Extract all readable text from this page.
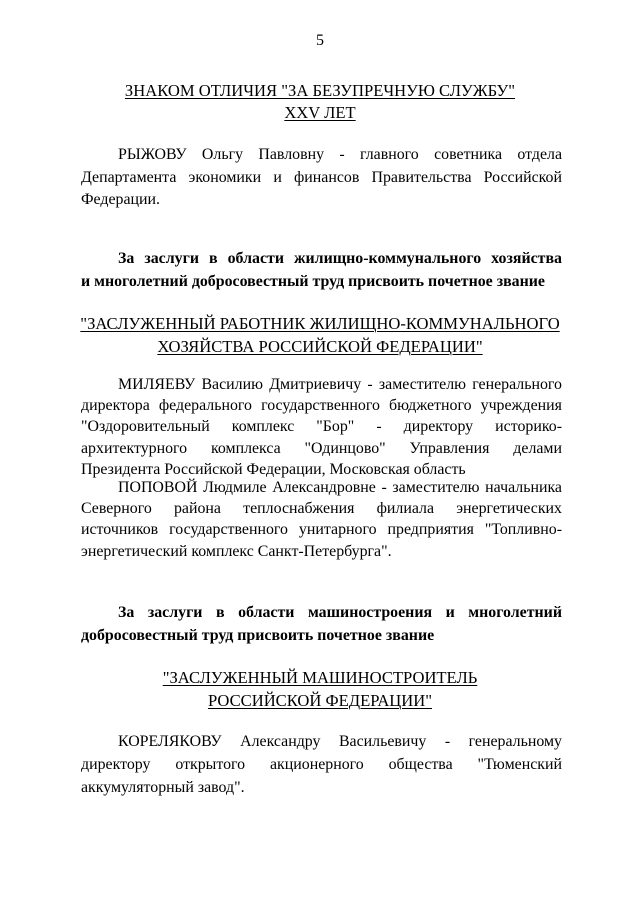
5
ЗНАКОМ ОТЛИЧИЯ "ЗА БЕЗУПРЕЧНУЮ СЛУЖБУ"
XXV ЛЕТ
РЫЖОВУ Ольгу Павловну - главного советника отдела
Департамента экономики и финансов Правительства Российской
Федерации.
За заслуги в области жилищно-коммунального хозяйства
и многолетний добросовестный труд присвоить почетное звание
"ЗАСЛУЖЕННЫЙ РАБОТНИК ЖИЛИЩНО-КОММУНАЛЬНОГО
ХОЗЯЙСТВА РОССИЙСКОЙ ФЕДЕРАЦИИ"
МИЛЯЕВУ Василию Дмитриевичу - заместителю генерального
директора федерального государственного бюджетного учреждения
"Оздоровительный комплекс "Бор" - директору историко-
архитектурного комплекса "Одинцово" Управления делами
Президента Российской Федерации, Московская область
ПОПОВОЙ Людмиле Александровне - заместителю начальника
Северного района теплоснабжения филиала энергетических
источников государственного унитарного предприятия "Топливно-
энергетический комплекс Санкт-Петербурга".
За заслуги в области машиностроения и многолетний
добросовестный труд присвоить почетное звание
"ЗАСЛУЖЕННЫЙ МАШИНОСТРОИТЕЛЬ
РОССИЙСКОЙ ФЕДЕРАЦИИ"
КОРЕЛЯКОВУ Александру Васильевичу - генеральному
директору открытого акционерного общества "Тюменский
аккумуляторный завод".
